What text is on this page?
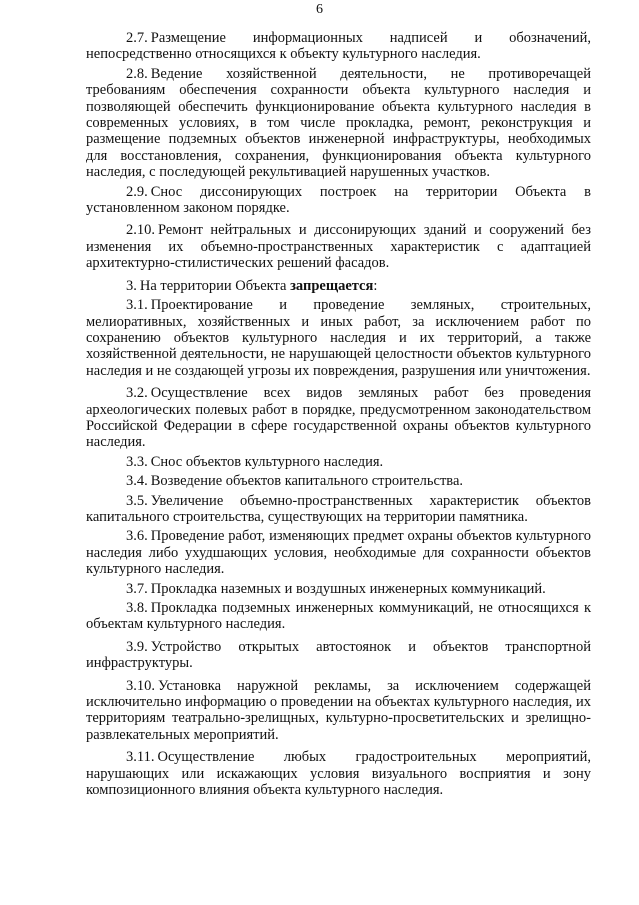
6

2.7. Размещение информационных надписей и обозначений, непосредственно относящихся к объекту культурного наследия.

2.8. Ведение хозяйственной деятельности, не противоречащей требованиям обеспечения сохранности объекта культурного наследия и позволяющей обеспечить функционирование объекта культурного наследия в современных условиях, в том числе прокладка, ремонт, реконструкция и размещение подземных объектов инженерной инфраструктуры, необходимых для восстановления, сохранения, функционирования объекта культурного наследия, с последующей рекультивацией нарушенных участков.

2.9. Снос диссонирующих построек на территории Объекта в установленном законом порядке.

2.10. Ремонт нейтральных и диссонирующих зданий и сооружений без изменения их объемно-пространственных характеристик с адаптацией архитектурно-стилистических решений фасадов.

3. На территории Объекта запрещается:

3.1. Проектирование и проведение земляных, строительных, мелиоративных, хозяйственных и иных работ, за исключением работ по сохранению объектов культурного наследия и их территорий, а также хозяйственной деятельности, не нарушающей целостности объектов культурного наследия и не создающей угрозы их повреждения, разрушения или уничтожения.

3.2. Осуществление всех видов земляных работ без проведения археологических полевых работ в порядке, предусмотренном законодательством Российской Федерации в сфере государственной охраны объектов культурного наследия.

3.3. Снос объектов культурного наследия.

3.4. Возведение объектов капитального строительства.

3.5. Увеличение объемно-пространственных характеристик объектов капитального строительства, существующих на территории памятника.

3.6. Проведение работ, изменяющих предмет охраны объектов культурного наследия либо ухудшающих условия, необходимые для сохранности объектов культурного наследия.

3.7. Прокладка наземных и воздушных инженерных коммуникаций.

3.8. Прокладка подземных инженерных коммуникаций, не относящихся к объектам культурного наследия.

3.9. Устройство открытых автостоянок и объектов транспортной инфраструктуры.

3.10. Установка наружной рекламы, за исключением содержащей исключительно информацию о проведении на объектах культурного наследия, их территориям театрально-зрелищных, культурно-просветительских и зрелищно-развлекательных мероприятий.

3.11. Осуществление любых градостроительных мероприятий, нарушающих или искажающих условия визуального восприятия и зону композиционного влияния объекта культурного наследия.
